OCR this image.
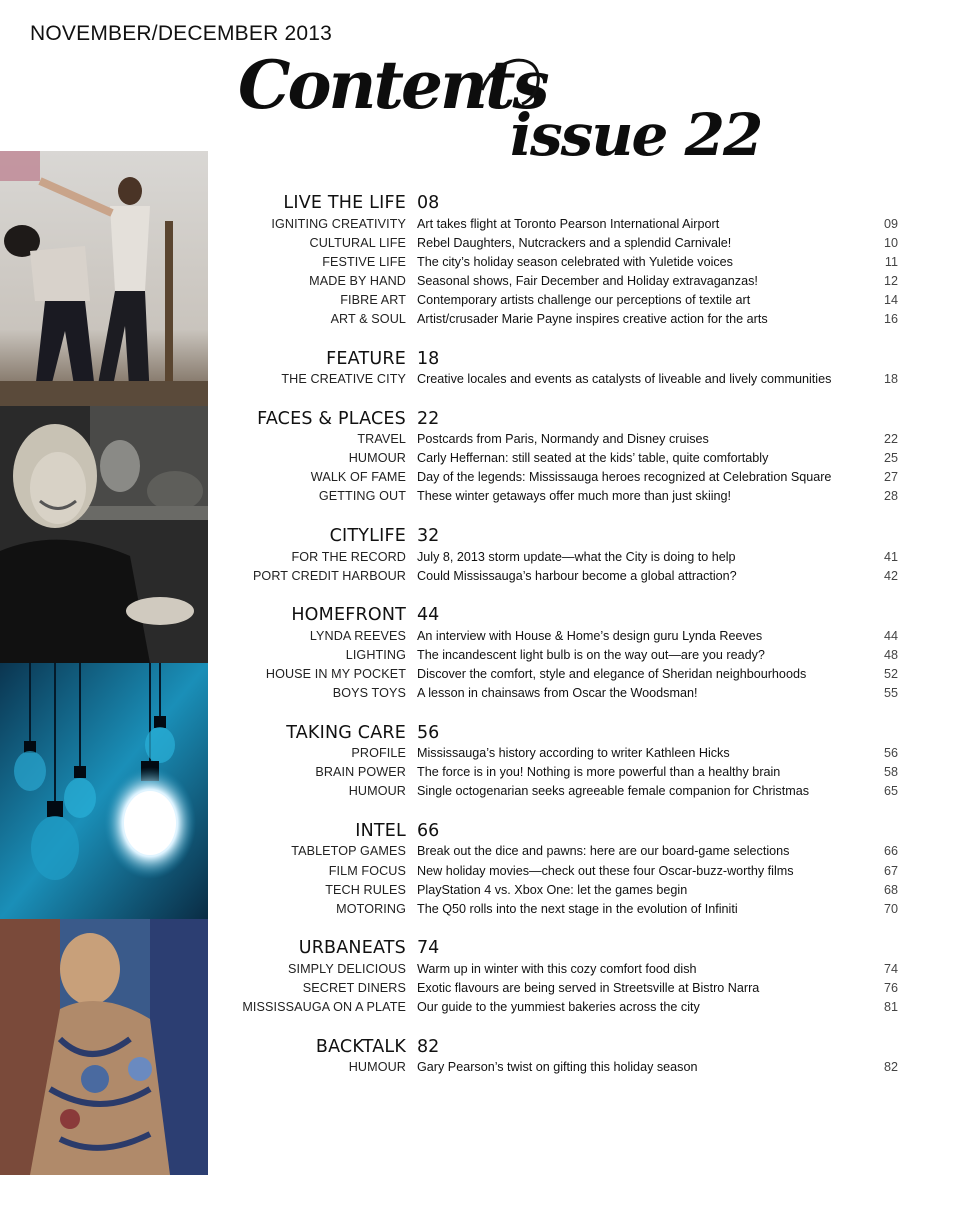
NOVEMBER/DECEMBER 2013
Contents
issue 22
LIVE THE LIFE 08
IGNITING CREATIVITY Art takes flight at Toronto Pearson International Airport	09
CULTURAL LIFE Rebel Daughters, Nutcrackers and a splendid Carnivale!	10
FESTIVE LIFE The city’s holiday season celebrated with Yuletide voices	11
MADE BY HAND Seasonal shows, Fair December and Holiday extravaganzas!	12
FIBRE ART Contemporary artists challenge our perceptions of textile art	14
ART & SOUL Artist/crusader Marie Payne inspires creative action for the arts	16
FEATURE 18
THE CREATIVE CITY Creative locales and events as catalysts of liveable and lively communities	18
FACES & PLACES 22
TRAVEL Postcards from Paris, Normandy and Disney cruises	22
HUMOUR Carly Heffernan: still seated at the kids’ table, quite comfortably	25
WALK OF FAME Day of the legends: Mississauga heroes recognized at Celebration Square	27
GETTING OUT These winter getaways offer much more than just skiing!	28
CITYLIFE 32
FOR THE RECORD July 8, 2013 storm update—what the City is doing to help	41
PORT CREDIT HARBOUR Could Mississauga’s harbour become a global attraction?	42
HOMEFRONT 44
LYNDA REEVES An interview with House & Home’s design guru Lynda Reeves	44
LIGHTING The incandescent light bulb is on the way out—are you ready?	48
HOUSE IN MY POCKET Discover the comfort, style and elegance of Sheridan neighbourhoods	52
BOYS TOYS A lesson in chainsaws from Oscar the Woodsman!	55
TAKING CARE 56
PROFILE Mississauga’s history according to writer Kathleen Hicks	56
BRAIN POWER The force is in you! Nothing is more powerful than a healthy brain	58
HUMOUR Single octogenarian seeks agreeable female companion for Christmas	65
INTEL 66
TABLETOP GAMES Break out the dice and pawns: here are our board-game selections	66
FILM FOCUS New holiday movies—check out these four Oscar-buzz-worthy films	67
TECH RULES PlayStation 4 vs. Xbox One: let the games begin	68
MOTORING The Q50 rolls into the next stage in the evolution of Infiniti	70
URBANEATS 74
SIMPLY DELICIOUS Warm up in winter with this cozy comfort food dish	74
SECRET DINERS Exotic flavours are being served in Streetsville at Bistro Narra	76
MISSISSAUGA ON A PLATE Our guide to the yummiest bakeries across the city	81
BACKTALK 82
HUMOUR Gary Pearson’s twist on gifting this holiday season	82
